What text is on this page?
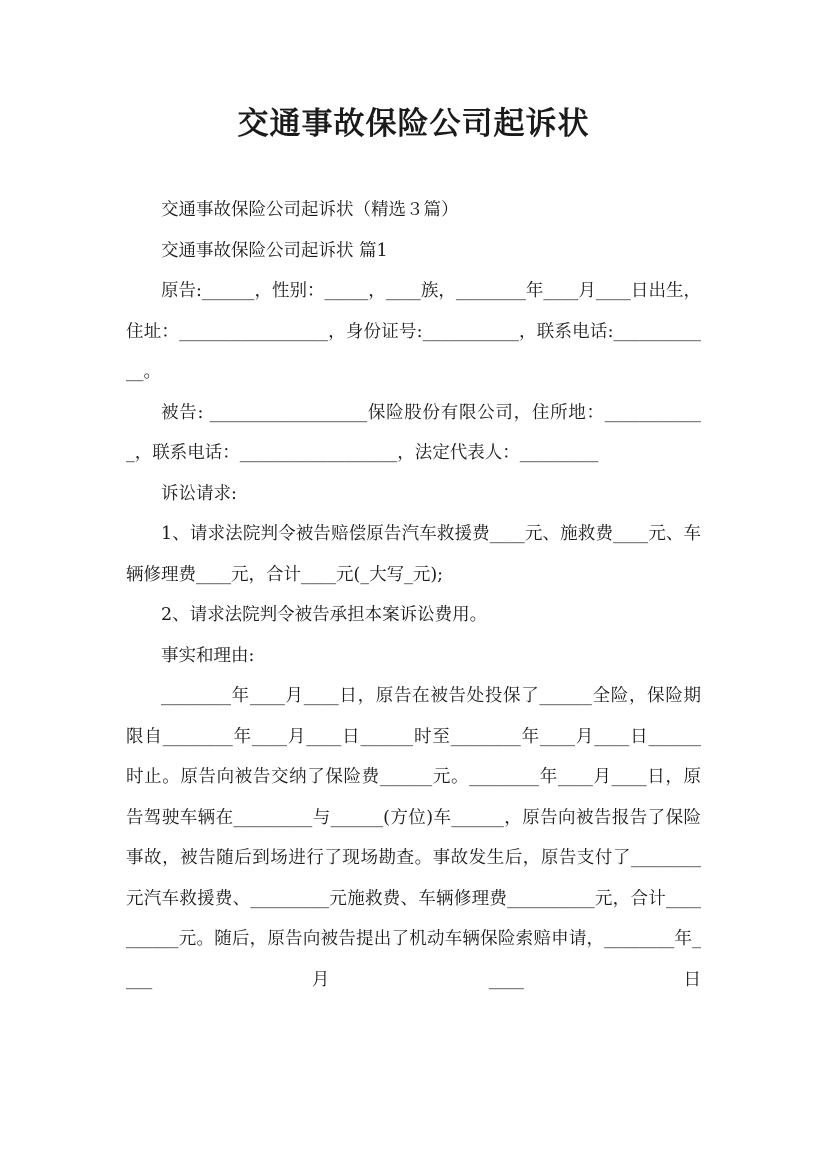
交通事故保险公司起诉状

交通事故保险公司起诉状（精选３篇）

交通事故保险公司起诉状 篇1

原告:______，性别：_____，____族，________年____月____日出生，住址：_________________，身份证号:___________，联系电话:____________。

被告: __________________保险股份有限公司，住所地：____________，联系电话：__________________，法定代表人：_________

诉讼请求:

1、请求法院判令被告赔偿原告汽车救援费____元、施救费____元、车辆修理费____元，合计____元(_大写_元);

2、请求法院判令被告承担本案诉讼费用。

事实和理由:

________年____月____日，原告在被告处投保了______全险，保险期限自________年____月____日______时至________年____月____日______时止。原告向被告交纳了保险费______元。________年____月____日，原告驾驶车辆在_________与______(方位)车______，原告向被告报告了保险事故，被告随后到场进行了现场勘查。事故发生后，原告支付了________元汽车救援费、_________元施救费、车辆修理费__________元，合计__________元。随后，原告向被告提出了机动车辆保险索赔申请，________年____月____日
